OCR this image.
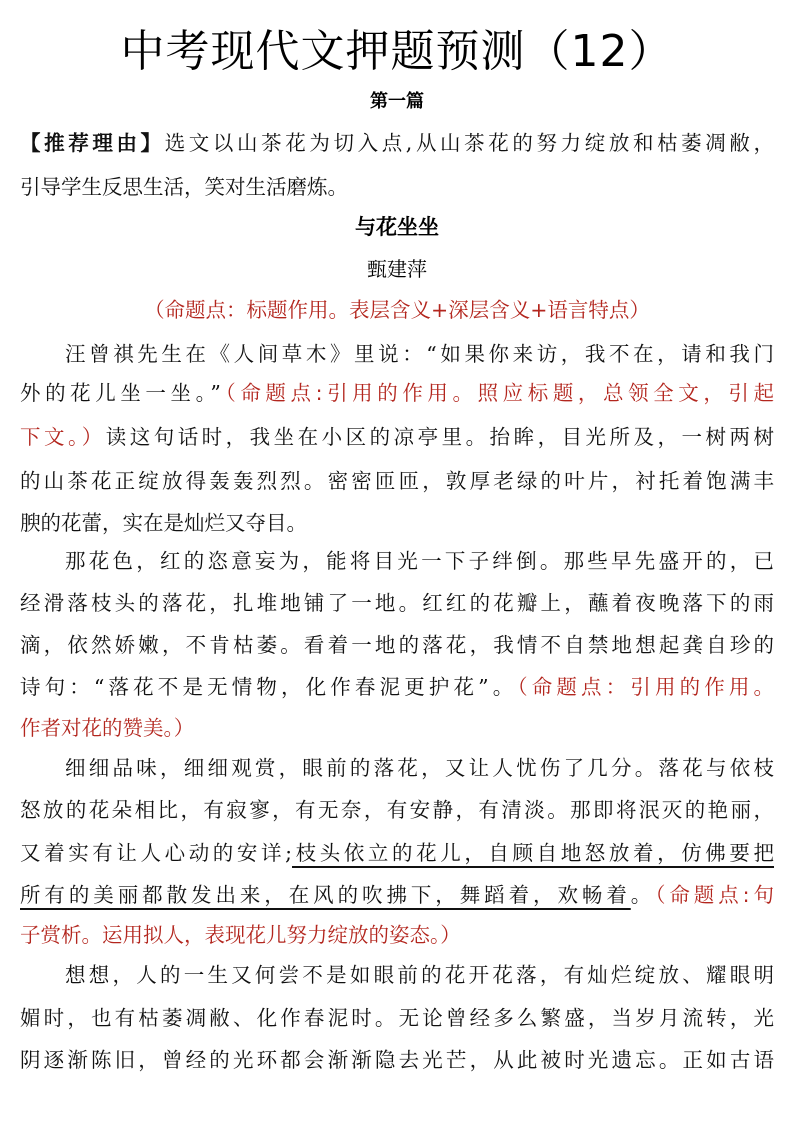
中考现代文押题预测（12）

第一篇

【推荐理由】选文以山茶花为切入点,从山茶花的努力绽放和枯萎凋敝，

引导学生反思生活，笑对生活磨炼。

与花坐坐

甄建萍

（命题点：标题作用。表层含义+深层含义+语言特点）

汪曾祺先生在《人间草木》里说：“如果你来访，我不在，请和我门

外的花儿坐一坐。”（命题点:引用的作用。照应标题，总领全文，引起

下文。）读这句话时，我坐在小区的凉亭里。抬眸，目光所及，一树两树

的山茶花正绽放得轰轰烈烈。密密匝匝，敦厚老绿的叶片，衬托着饱满丰

腴的花蕾，实在是灿烂又夺目。

那花色，红的恣意妄为，能将目光一下子绊倒。那些早先盛开的，已

经滑落枝头的落花，扎堆地铺了一地。红红的花瓣上，蘸着夜晚落下的雨

滴，依然娇嫩，不肯枯萎。看着一地的落花，我情不自禁地想起龚自珍的

诗句：“落花不是无情物，化作春泥更护花”。（命题点：引用的作用。

作者对花的赞美。）

细细品味，细细观赏，眼前的落花，又让人忧伤了几分。落花与依枝

怒放的花朵相比，有寂寥，有无奈，有安静，有清淡。那即将泯灭的艳丽，

又着实有让人心动的安详;枝头依立的花儿，自顾自地怒放着，仿佛要把

所有的美丽都散发出来，在风的吹拂下，舞蹈着，欢畅着。（命题点:句

子赏析。运用拟人，表现花儿努力绽放的姿态。）

想想，人的一生又何尝不是如眼前的花开花落，有灿烂绽放、耀眼明

媚时，也有枯萎凋敝、化作春泥时。无论曾经多么繁盛，当岁月流转，光

阴逐渐陈旧，曾经的光环都会渐渐隐去光芒，从此被时光遗忘。正如古语
